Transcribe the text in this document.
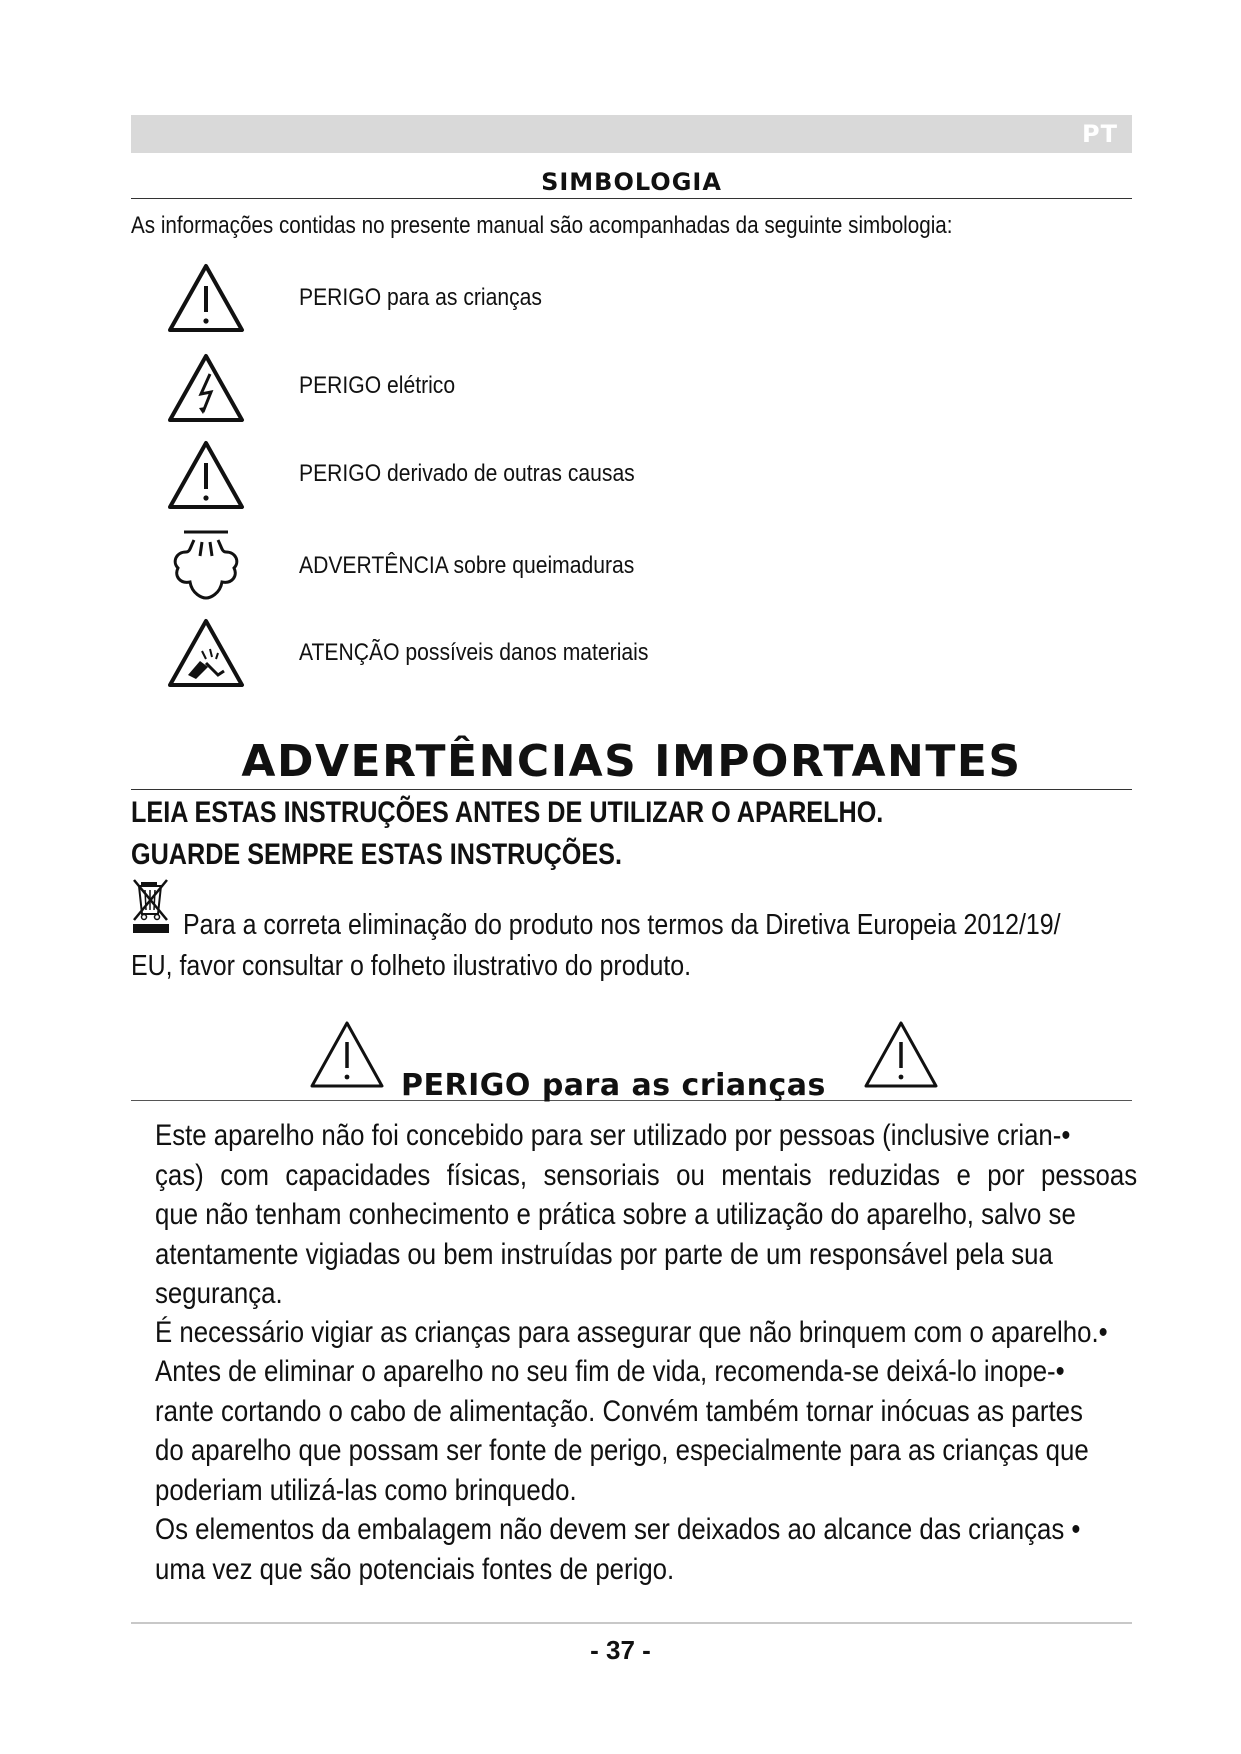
PT
SIMBOLOGIA
As informações contidas no presente manual são acompanhadas da seguinte simbologia:
PERIGO para as crianças
PERIGO elétrico
PERIGO derivado de outras causas
ADVERTÊNCIA sobre queimaduras
ATENÇÃO possíveis danos materiais
ADVERTÊNCIAS IMPORTANTES
LEIA ESTAS INSTRUÇÕES ANTES DE UTILIZAR O APARELHO.
GUARDE SEMPRE ESTAS INSTRUÇÕES.
Para a correta eliminação do produto nos termos da Diretiva Europeia 2012/19/
EU, favor consultar o folheto ilustrativo do produto.
PERIGO para as crianças
Este aparelho não foi concebido para ser utilizado por pessoas (inclusive crian-•
ças) com capacidades físicas, sensoriais ou mentais reduzidas e por pessoas
que não tenham conhecimento e prática sobre a utilização do aparelho, salvo se
atentamente vigiadas ou bem instruídas por parte de um responsável pela sua
segurança.
É necessário vigiar as crianças para assegurar que não brinquem com o aparelho.•
Antes de eliminar o aparelho no seu fim de vida, recomenda-se deixá-lo inope-•
rante cortando o cabo de alimentação. Convém também tornar inócuas as partes
do aparelho que possam ser fonte de perigo, especialmente para as crianças que
poderiam utilizá-las como brinquedo.
Os elementos da embalagem não devem ser deixados ao alcance das crianças •
uma vez que são potenciais fontes de perigo.
- 37 -
